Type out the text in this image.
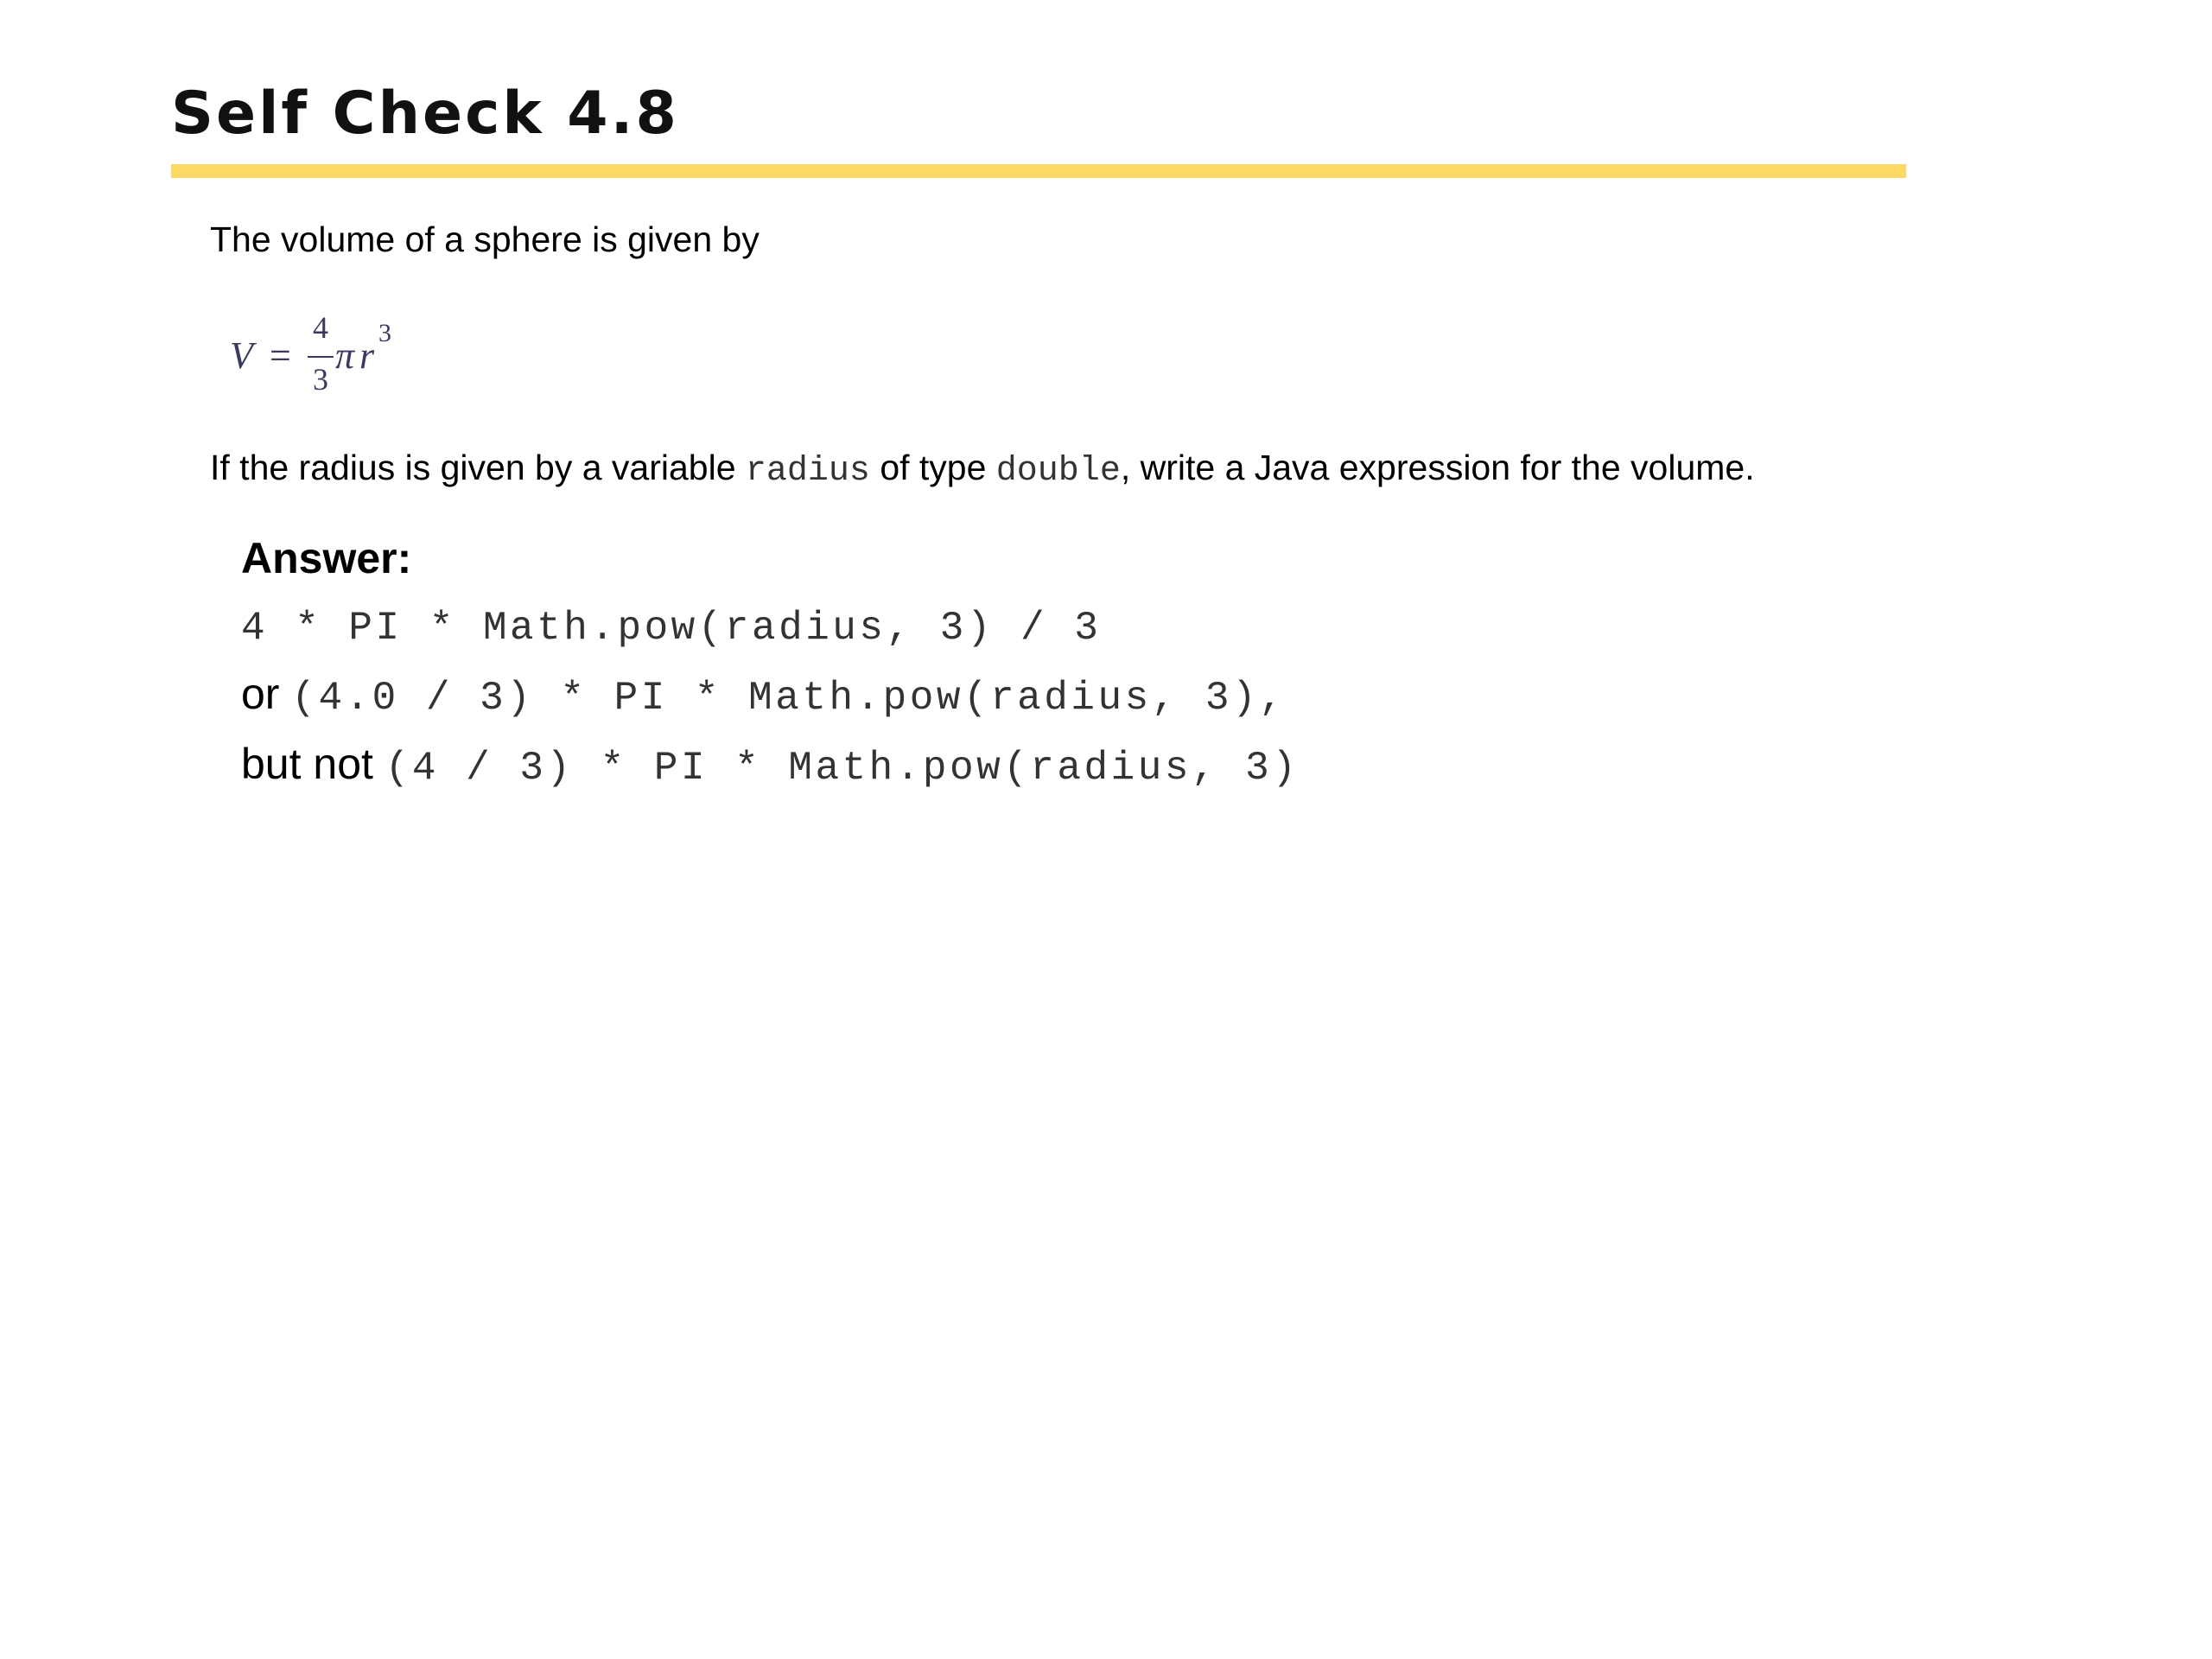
Self Check 4.8

The volume of a sphere is given by

V =
4
3
π r
3

If the radius is given by a variable radius of type double, write a Java expression for the volume.

Answer:

4 * PI * Math.pow(radius, 3) / 3

or (4.0 / 3) * PI * Math.pow(radius, 3),

but not (4 / 3) * PI * Math.pow(radius, 3)
